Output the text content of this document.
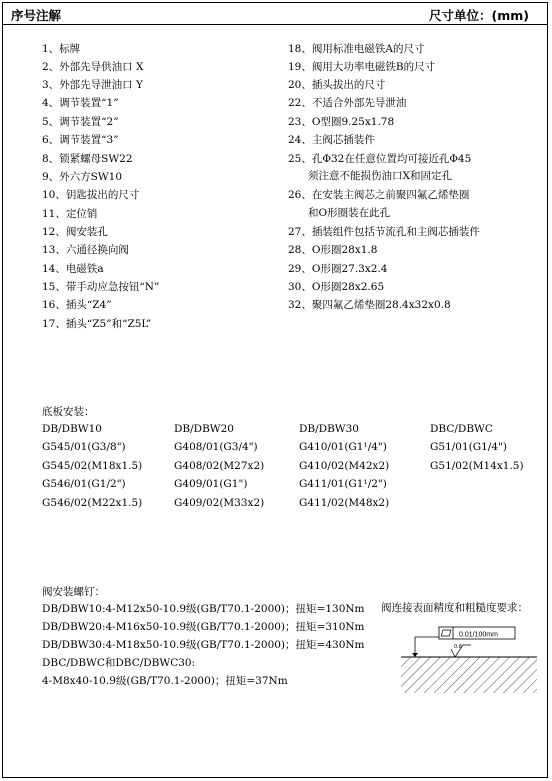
序号注解	尺寸单位：(mm)
1、标牌
2、外部先导供油口 X
3、外部先导泄油口 Y
4、调节装置“1”
5、调节装置“2”
6、调节装置“3”
8、锁紧螺母SW22
9、外六方SW10
10、钥匙拔出的尺寸
11、定位销
12、阀安装孔
13、六通径换向阀
14、电磁铁a
15、带手动应急按钮“N”
16、插头“Z4”
17、插头“Z5”和“Z5L”
18、阀用标准电磁铁A的尺寸
19、阀用大功率电磁铁B的尺寸
20、插头拔出的尺寸
22、不适合外部先导泄油
23、O型圈9.25x1.78
24、主阀芯插装件
25、孔Φ32在任意位置均可接近孔Φ45
须注意不能损伤油口X和固定孔
26、在安装主阀芯之前聚四氟乙烯垫圈
和O形圈装在此孔
27、插装组件包括节流孔和主阀芯插装件
28、O形圈28x1.8
29、O形圈27.3x2.4
30、O形圈28x2.65
32、聚四氟乙烯垫圈28.4x32x0.8
底板安装：
DB/DBW10
G545/01(G3/8")
G545/02(M18x1.5)
G546/01(G1/2")
G546/02(M22x1.5)
DB/DBW20
G408/01(G3/4")
G408/02(M27x2)
G409/01(G1")
G409/02(M33x2)
DB/DBW30
G410/01(G1¹/4")
G410/02(M42x2)
G411/01(G1¹/2")
G411/02(M48x2)
DBC/DBWC
G51/01(G1/4")
G51/02(M14x1.5)
阀安装螺钉：
DB/DBW10:4-M12x50-10.9级(GB/T70.1-2000)；扭矩=130Nm
DB/DBW20:4-M16x50-10.9级(GB/T70.1-2000)；扭矩=310Nm
DB/DBW30:4-M18x50-10.9级(GB/T70.1-2000)；扭矩=430Nm
DBC/DBWC和DBC/DBWC30:
4-M8x40-10.9级(GB/T70.1-2000)；扭矩=37Nm
阀连接表面精度和粗糙度要求：
0.01/100mm
0.8
